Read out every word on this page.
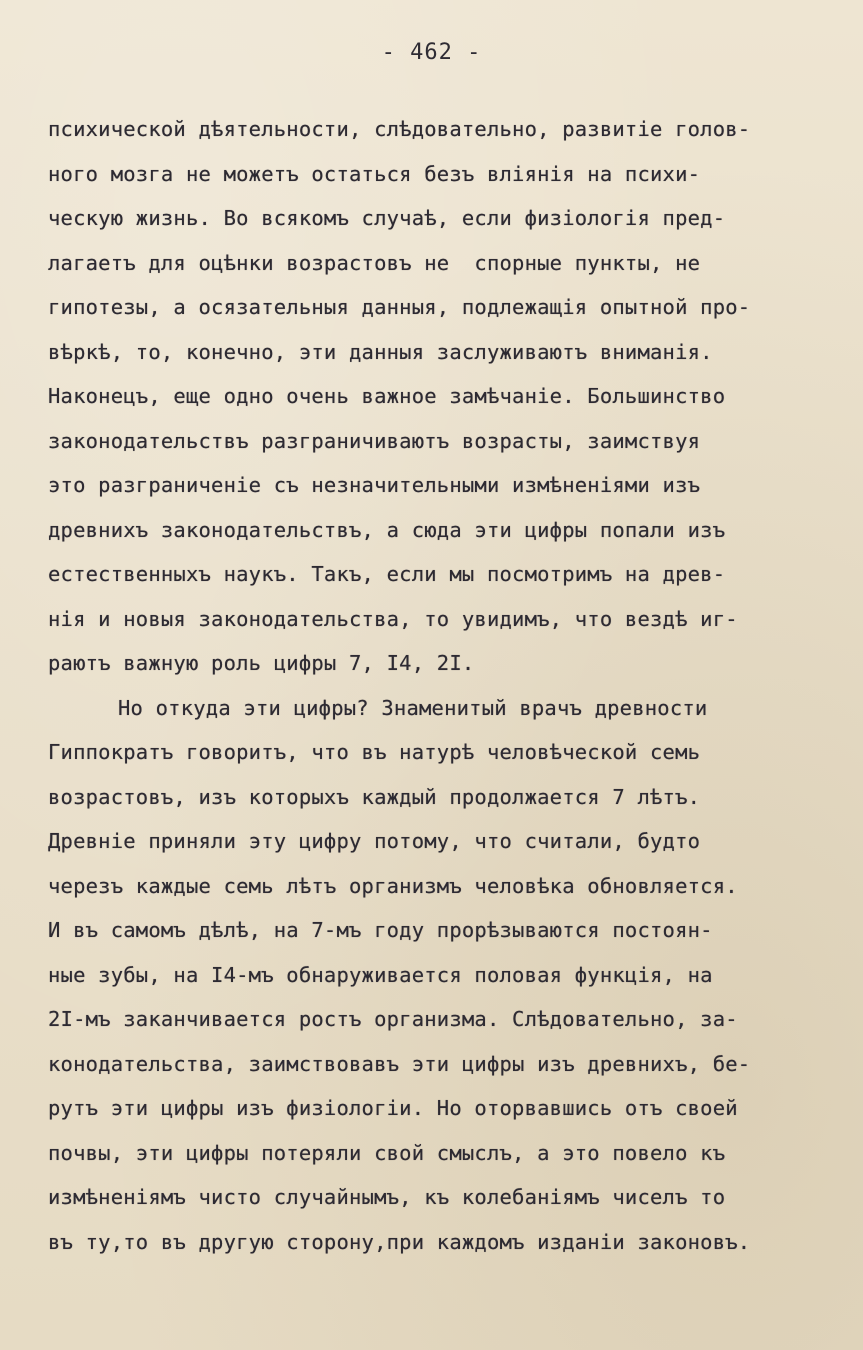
- 462 -
психической дѣятельности, слѣдовательно, развитіе голов-
ного мозга не можетъ остаться безъ вліянія на психи-
ческую жизнь. Во всякомъ случаѣ, если физіологія пред-
лагаетъ для оцѣнки возрастовъ не  спорные пункты, не
гипотезы, а осязательныя данныя, подлежащія опытной про-
вѣркѣ, то, конечно, эти данныя заслуживаютъ вниманія.
Наконецъ, еще одно очень важное замѣчаніе. Большинство
законодательствъ разграничиваютъ возрасты, заимствуя
это разграниченіе съ незначительными измѣненіями изъ
древнихъ законодательствъ, а сюда эти цифры попали изъ
естественныхъ наукъ. Такъ, если мы посмотримъ на древ-
нія и новыя законодательства, то увидимъ, что вездѣ иг-
раютъ важную роль цифры 7, I4, 2I.
Но откуда эти цифры? Знаменитый врачъ древности
Гиппократъ говоритъ, что въ натурѣ человѣческой семь
возрастовъ, изъ которыхъ каждый продолжается 7 лѣтъ.
Древніе приняли эту цифру потому, что считали, будто
черезъ каждые семь лѣтъ организмъ человѣка обновляется.
И въ самомъ дѣлѣ, на 7-мъ году прорѣзываются постоян-
ные зубы, на I4-мъ обнаруживается половая функція, на
2I-мъ заканчивается ростъ организма. Слѣдовательно, за-
конодательства, заимствовавъ эти цифры изъ древнихъ, бе-
рутъ эти цифры изъ физіологіи. Но оторвавшись отъ своей
почвы, эти цифры потеряли свой смыслъ, а это повело къ
измѣненіямъ чисто случайнымъ, къ колебаніямъ чиселъ то
въ ту,то въ другую сторону,при каждомъ изданіи законовъ.
